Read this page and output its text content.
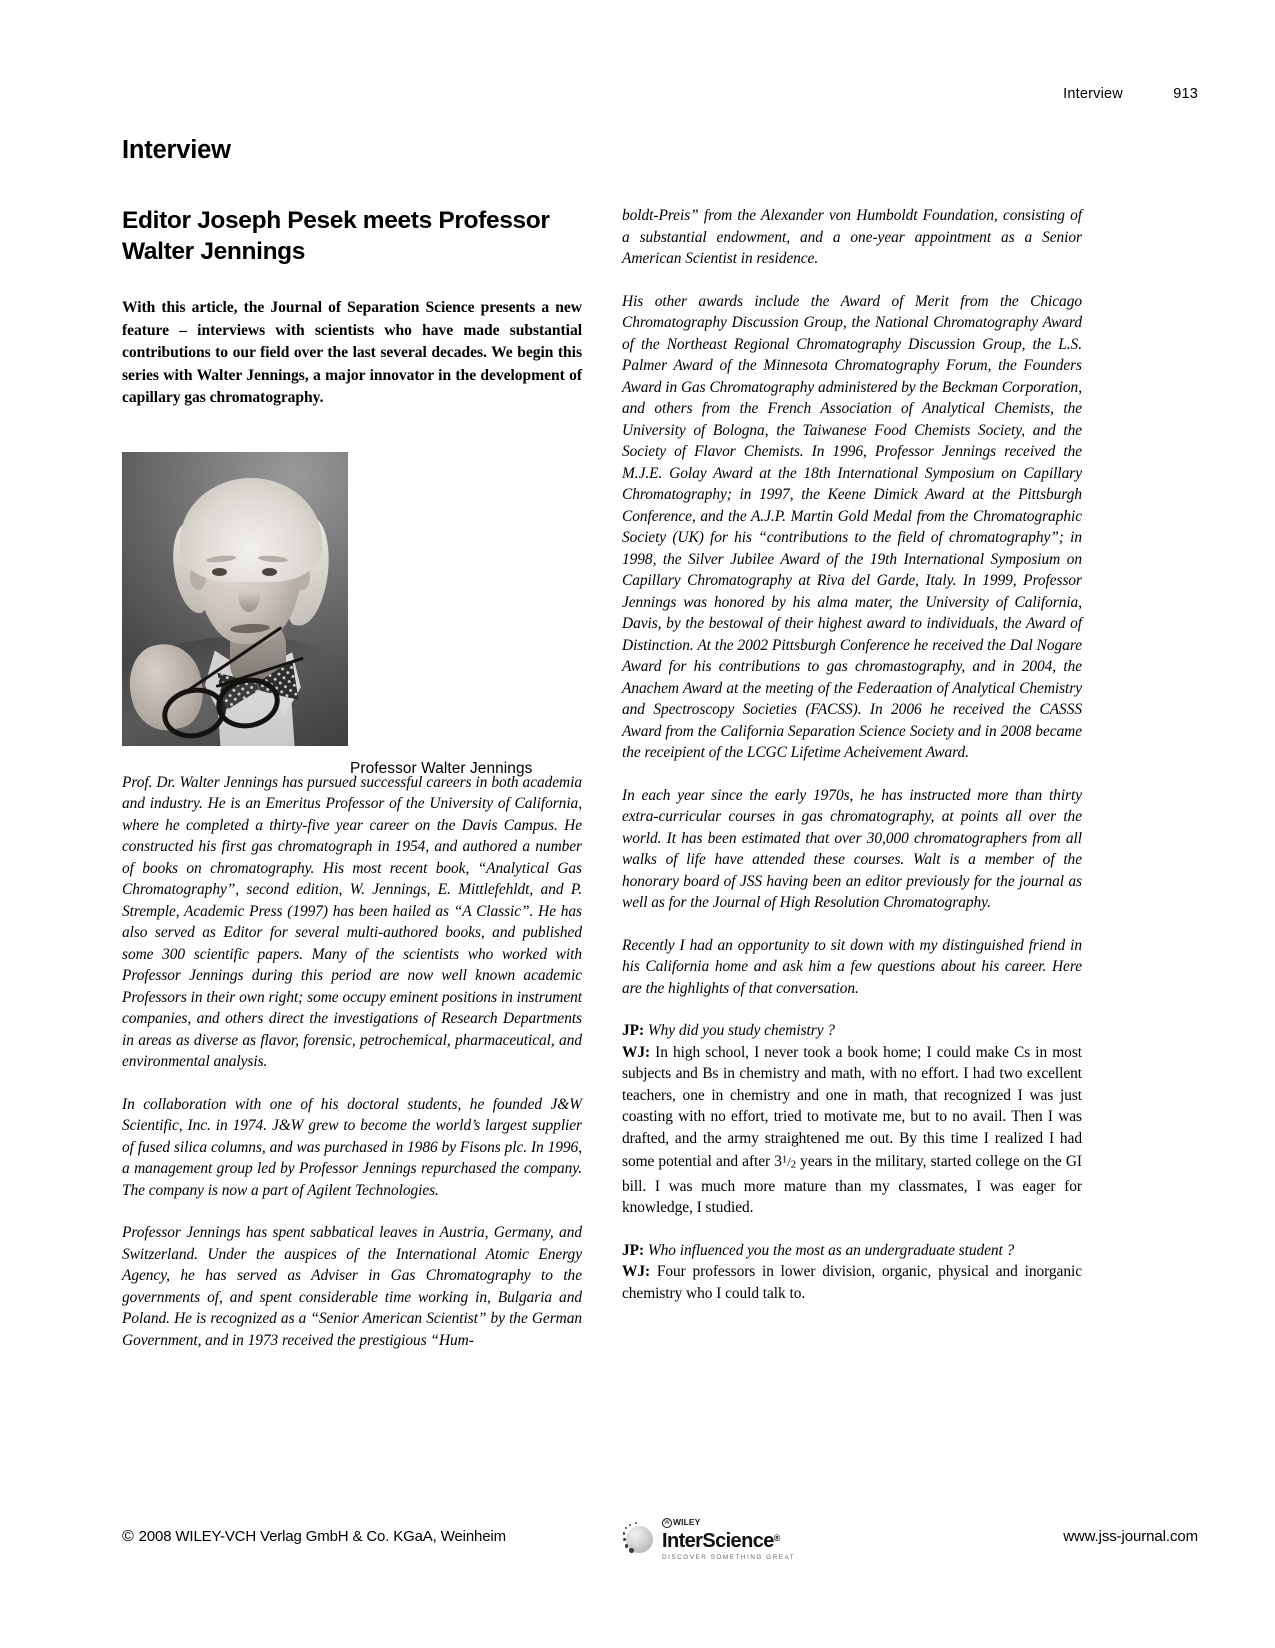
Interview	913
Interview
Editor Joseph Pesek meets Professor Walter Jennings

With this article, the Journal of Separation Science presents a new feature – interviews with scientists who have made substantial contributions to our field over the last several decades. We begin this series with Walter Jennings, a major innovator in the development of capillary gas chromatography.

Prof. Dr. Walter Jennings has pursued successful careers in both academia and industry. He is an Emeritus Professor of the University of California, where he completed a thirty-five year career on the Davis Campus. He constructed his first gas chromatograph in 1954, and authored a number of books on chromatography. His most recent book, “Analytical Gas Chromatography”, second edition, W. Jennings, E. Mittlefehldt, and P. Stremple, Academic Press (1997) has been hailed as “A Classic”. He has also served as Editor for several multi-authored books, and published some 300 scientific papers. Many of the scientists who worked with Professor Jennings during this period are now well known academic Professors in their own right; some occupy eminent positions in instrument companies, and others direct the investigations of Research Departments in areas as diverse as flavor, forensic, petrochemical, pharmaceutical, and environmental analysis.

In collaboration with one of his doctoral students, he founded J&W Scientific, Inc. in 1974. J&W grew to become the world’s largest supplier of fused silica columns, and was purchased in 1986 by Fisons plc. In 1996, a management group led by Professor Jennings repurchased the company. The company is now a part of Agilent Technologies.

Professor Jennings has spent sabbatical leaves in Austria, Germany, and Switzerland. Under the auspices of the International Atomic Energy Agency, he has served as Adviser in Gas Chromatography to the governments of, and spent considerable time working in, Bulgaria and Poland. He is recognized as a “Senior American Scientist” by the German Government, and in 1973 received the prestigious “Hum-

Professor Walter Jennings

boldt-Preis” from the Alexander von Humboldt Foundation, consisting of a substantial endowment, and a one-year appointment as a Senior American Scientist in residence.

His other awards include the Award of Merit from the Chicago Chromatography Discussion Group, the National Chromatography Award of the Northeast Regional Chromatography Discussion Group, the L.S. Palmer Award of the Minnesota Chromatography Forum, the Founders Award in Gas Chromatography administered by the Beckman Corporation, and others from the French Association of Analytical Chemists, the University of Bologna, the Taiwanese Food Chemists Society, and the Society of Flavor Chemists. In 1996, Professor Jennings received the M.J.E. Golay Award at the 18th International Symposium on Capillary Chromatography; in 1997, the Keene Dimick Award at the Pittsburgh Conference, and the A.J.P. Martin Gold Medal from the Chromatographic Society (UK) for his “contributions to the field of chromatography”; in 1998, the Silver Jubilee Award of the 19th International Symposium on Capillary Chromatography at Riva del Garde, Italy. In 1999, Professor Jennings was honored by his alma mater, the University of California, Davis, by the bestowal of their highest award to individuals, the Award of Distinction. At the 2002 Pittsburgh Conference he received the Dal Nogare Award for his contributions to gas chromastography, and in 2004, the Anachem Award at the meeting of the Federaation of Analytical Chemistry and Spectroscopy Societies (FACSS). In 2006 he received the CASSS Award from the California Separation Science Society and in 2008 became the receipient of the LCGC Lifetime Acheivement Award.

In each year since the early 1970s, he has instructed more than thirty extra-curricular courses in gas chromatography, at points all over the world. It has been estimated that over 30,000 chromatographers from all walks of life have attended these courses. Walt is a member of the honorary board of JSS having been an editor previously for the journal as well as for the Journal of High Resolution Chromatography.

Recently I had an opportunity to sit down with my distinguished friend in his California home and ask him a few questions about his career. Here are the highlights of that conversation.

JP: Why did you study chemistry ?

WJ: In high school, I never took a book home; I could make Cs in most subjects and Bs in chemistry and math, with no effort. I had two excellent teachers, one in chemistry and one in math, that recognized I was just coasting with no effort, tried to motivate me, but to no avail. Then I was drafted, and the army straightened me out. By this time I realized I had some potential and after $3^1/_2$ years in the military, started college on the GI bill. I was much more mature than my classmates, I was eager for knowledge, I studied.

JP: Who influenced you the most as an undergraduate student ?

WJ: Four professors in lower division, organic, physical and inorganic chemistry who I could talk to.

© 2008 WILEY-VCH Verlag GmbH & Co. KGaA, Weinheim
W WILEY
InterScience®
DISCOVER SOMETHING GREAT
www.jss-journal.com
